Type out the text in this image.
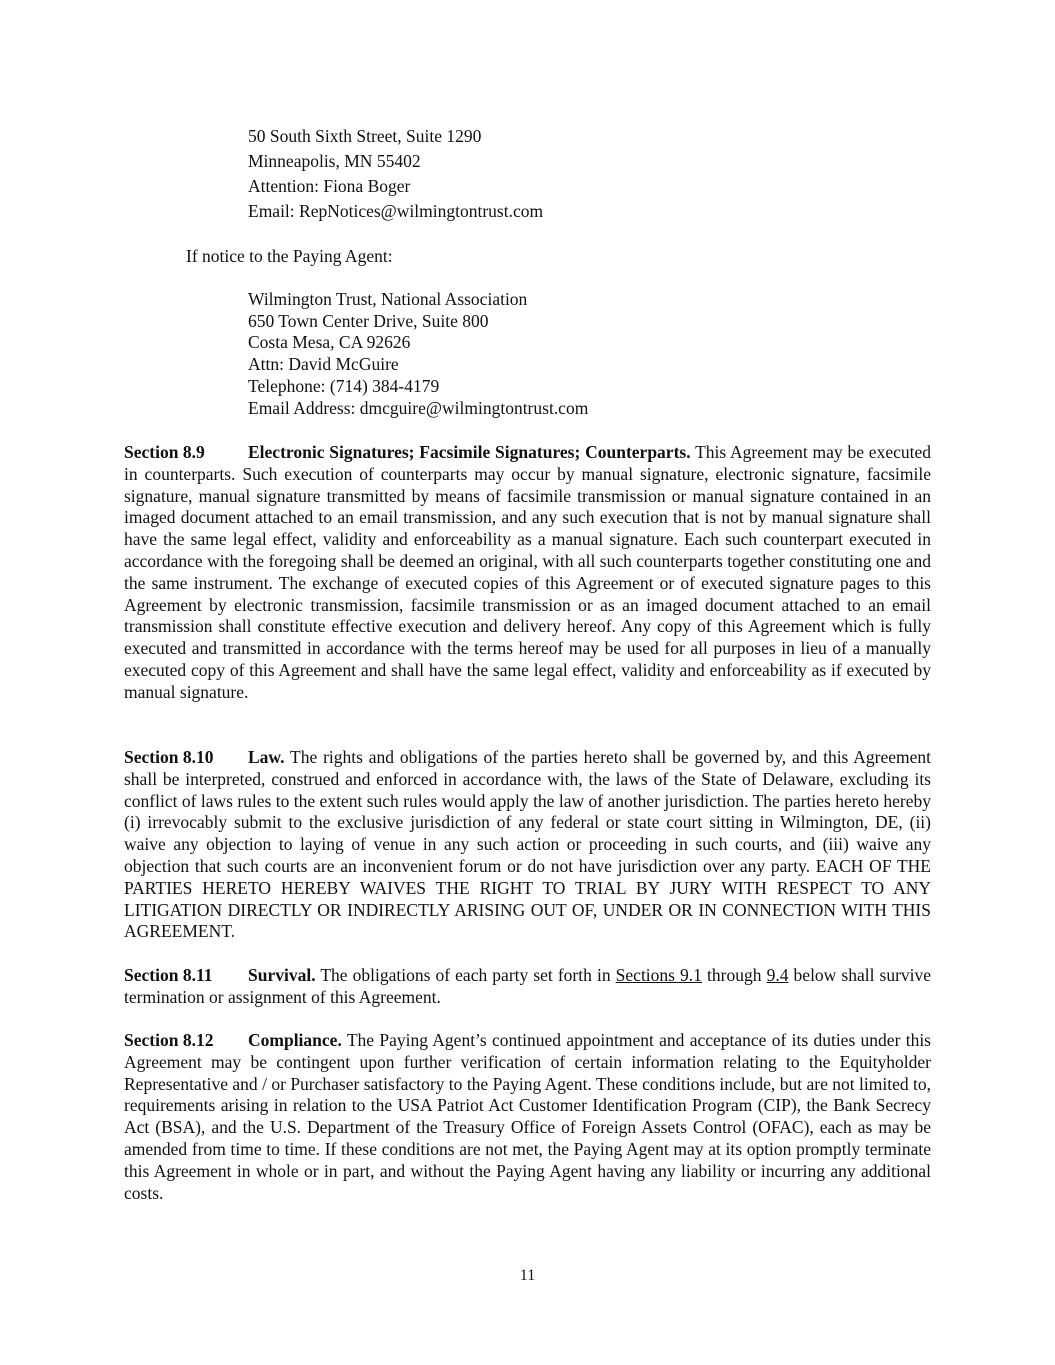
50 South Sixth Street, Suite 1290
Minneapolis, MN 55402
Attention: Fiona Boger
Email: RepNotices@wilmingtontrust.com

If notice to the Paying Agent:

Wilmington Trust, National Association
650 Town Center Drive, Suite 800
Costa Mesa, CA 92626
Attn: David McGuire
Telephone: (714) 384-4179
Email Address: dmcguire@wilmingtontrust.com

Section 8.9 Electronic Signatures; Facsimile Signatures; Counterparts. This Agreement may be executed in counterparts. Such execution of counterparts may occur by manual signature, electronic signature, facsimile signature, manual signature transmitted by means of facsimile transmission or manual signature contained in an imaged document attached to an email transmission, and any such execution that is not by manual signature shall have the same legal effect, validity and enforceability as a manual signature. Each such counterpart executed in accordance with the foregoing shall be deemed an original, with all such counterparts together constituting one and the same instrument. The exchange of executed copies of this Agreement or of executed signature pages to this Agreement by electronic transmission, facsimile transmission or as an imaged document attached to an email transmission shall constitute effective execution and delivery hereof. Any copy of this Agreement which is fully executed and transmitted in accordance with the terms hereof may be used for all purposes in lieu of a manually executed copy of this Agreement and shall have the same legal effect, validity and enforceability as if executed by manual signature.

Section 8.10 Law. The rights and obligations of the parties hereto shall be governed by, and this Agreement shall be interpreted, construed and enforced in accordance with, the laws of the State of Delaware, excluding its conflict of laws rules to the extent such rules would apply the law of another jurisdiction. The parties hereto hereby (i) irrevocably submit to the exclusive jurisdiction of any federal or state court sitting in Wilmington, DE, (ii) waive any objection to laying of venue in any such action or proceeding in such courts, and (iii) waive any objection that such courts are an inconvenient forum or do not have jurisdiction over any party. EACH OF THE PARTIES HERETO HEREBY WAIVES THE RIGHT TO TRIAL BY JURY WITH RESPECT TO ANY LITIGATION DIRECTLY OR INDIRECTLY ARISING OUT OF, UNDER OR IN CONNECTION WITH THIS AGREEMENT.

Section 8.11 Survival. The obligations of each party set forth in Sections 9.1 through 9.4 below shall survive termination or assignment of this Agreement.

Section 8.12 Compliance. The Paying Agent’s continued appointment and acceptance of its duties under this Agreement may be contingent upon further verification of certain information relating to the Equityholder Representative and / or Purchaser satisfactory to the Paying Agent. These conditions include, but are not limited to, requirements arising in relation to the USA Patriot Act Customer Identification Program (CIP), the Bank Secrecy Act (BSA), and the U.S. Department of the Treasury Office of Foreign Assets Control (OFAC), each as may be amended from time to time. If these conditions are not met, the Paying Agent may at its option promptly terminate this Agreement in whole or in part, and without the Paying Agent having any liability or incurring any additional costs.

11
